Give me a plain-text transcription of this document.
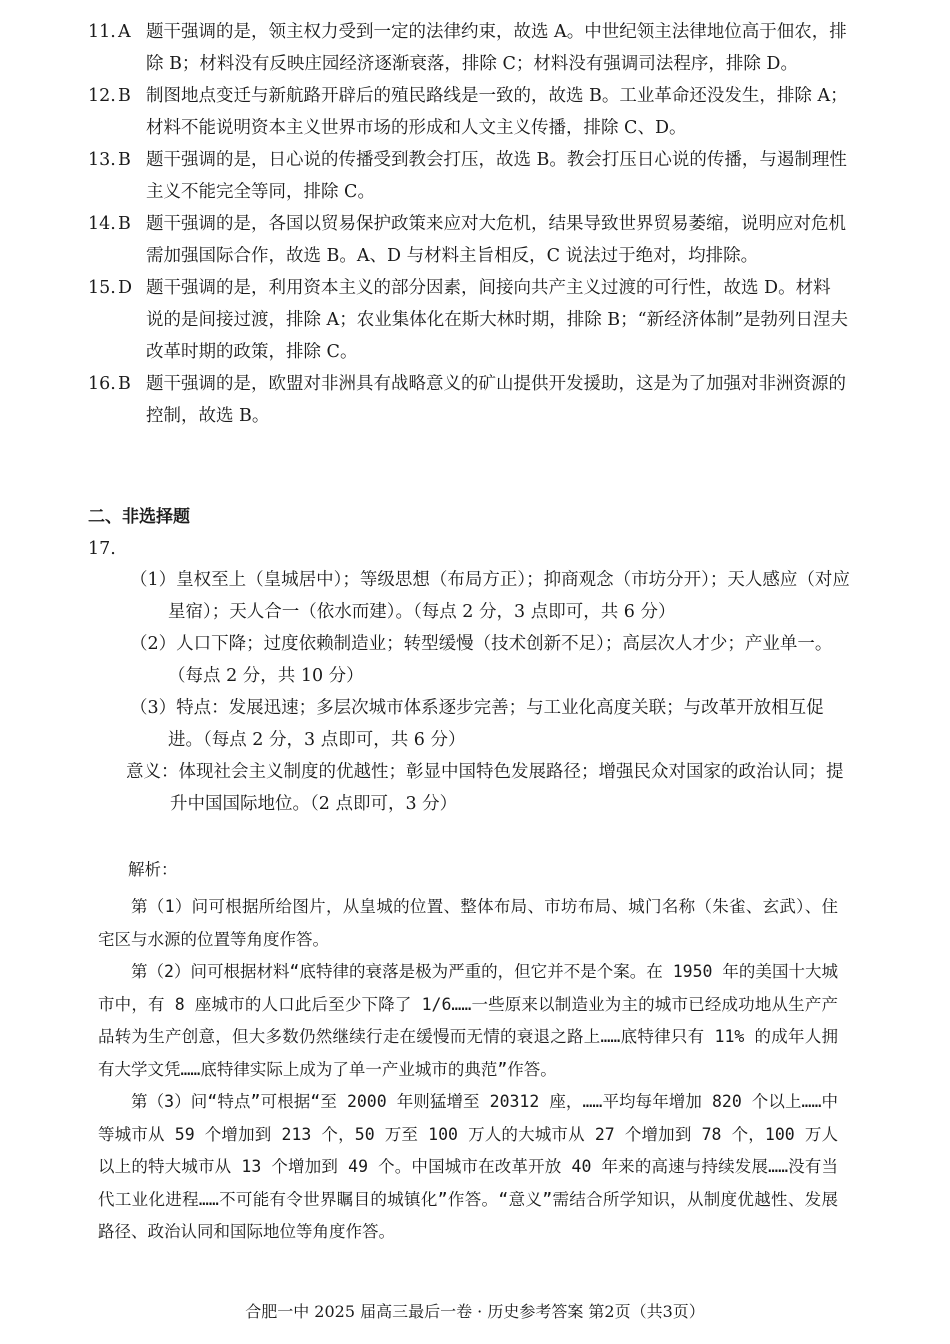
11. A 题干强调的是，领主权力受到一定的法律约束，故选 A。中世纪领主法律地位高于佃农，排除 B；材料没有反映庄园经济逐渐衰落，排除 C；材料没有强调司法程序，排除 D。
12. B 制图地点变迁与新航路开辟后的殖民路线是一致的，故选 B。工业革命还没发生，排除 A；材料不能说明资本主义世界市场的形成和人文主义传播，排除 C、D。
13. B 题干强调的是，日心说的传播受到教会打压，故选 B。教会打压日心说的传播，与遏制理性主义不能完全等同，排除 C。
14. B 题干强调的是，各国以贸易保护政策来应对大危机，结果导致世界贸易萎缩，说明应对危机需加强国际合作，故选 B。A、D 与材料主旨相反，C 说法过于绝对，均排除。
15. D 题干强调的是，利用资本主义的部分因素，间接向共产主义过渡的可行性，故选 D。材料说的是间接过渡，排除 A；农业集体化在斯大林时期，排除 B；“新经济体制”是勃列日涅夫改革时期的政策，排除 C。
16. B 题干强调的是，欧盟对非洲具有战略意义的矿山提供开发援助，这是为了加强对非洲资源的控制，故选 B。
二、非选择题
17.
（1）皇权至上（皇城居中）；等级思想（布局方正）；抑商观念（市坊分开）；天人感应（对应星宿）；天人合一（依水而建）。（每点 2 分，3 点即可，共 6 分）
（2）人口下降；过度依赖制造业；转型缓慢（技术创新不足）；高层次人才少；产业单一。（每点 2 分，共 10 分）
（3）特点：发展迅速；多层次城市体系逐步完善；与工业化高度关联；与改革开放相互促进。（每点 2 分，3 点即可，共 6 分）
意义：体现社会主义制度的优越性；彰显中国特色发展路径；增强民众对国家的政治认同；提升中国国际地位。（2 点即可，3 分）
解析：
第（1）问可根据所给图片，从皇城的位置、整体布局、市坊布局、城门名称（朱雀、玄武）、住宅区与水源的位置等角度作答。
第（2）问可根据材料“底特律的衰落是极为严重的，但它并不是个案。在 1950 年的美国十大城市中，有 8 座城市的人口此后至少下降了 1/6……一些原来以制造业为主的城市已经成功地从生产产品转为生产创意，但大多数仍然继续行走在缓慢而无情的衰退之路上……底特律只有 11% 的成年人拥有大学文凭……底特律实际上成为了单一产业城市的典范”作答。
第（3）问“特点”可根据“至 2000 年则猛增至 20312 座，……平均每年增加 820 个以上……中等城市从 59 个增加到 213 个，50 万至 100 万人的大城市从 27 个增加到 78 个，100 万人以上的特大城市从 13 个增加到 49 个。中国城市在改革开放 40 年来的高速与持续发展……没有当代工业化进程……不可能有令世界瞩目的城镇化”作答。“意义”需结合所学知识，从制度优越性、发展路径、政治认同和国际地位等角度作答。
合肥一中 2025 届高三最后一卷 · 历史参考答案 第2页（共3页）
